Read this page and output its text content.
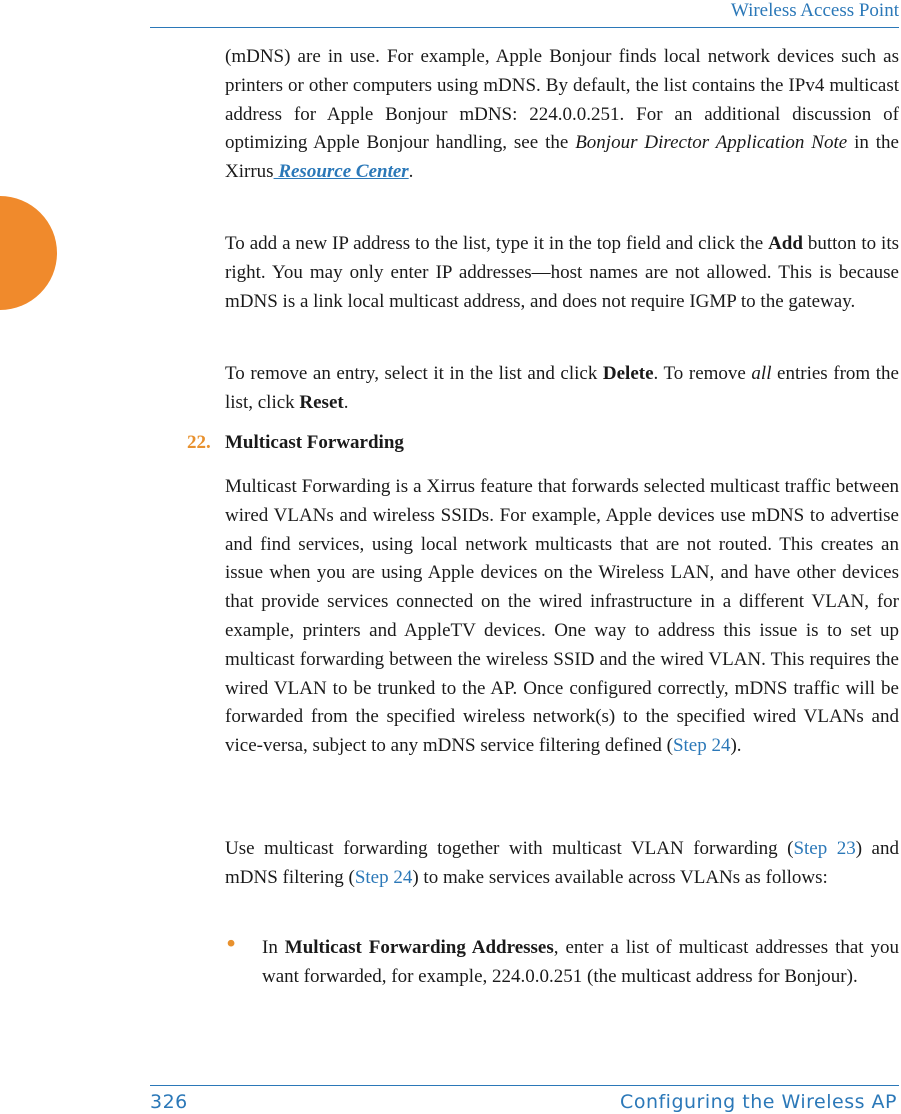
Wireless Access Point

(mDNS) are in use. For example, Apple Bonjour finds local network devices such as printers or other computers using mDNS. By default, the list contains the IPv4 multicast address for Apple Bonjour mDNS: 224.0.0.251. For an additional discussion of optimizing Apple Bonjour handling, see the Bonjour Director Application Note in the Xirrus Resource Center.

To add a new IP address to the list, type it in the top field and click the Add button to its right. You may only enter IP addresses—host names are not allowed. This is because mDNS is a link local multicast address, and does not require IGMP to the gateway.

To remove an entry, select it in the list and click Delete. To remove all entries from the list, click Reset.

22. Multicast Forwarding

Multicast Forwarding is a Xirrus feature that forwards selected multicast traffic between wired VLANs and wireless SSIDs. For example, Apple devices use mDNS to advertise and find services, using local network multicasts that are not routed. This creates an issue when you are using Apple devices on the Wireless LAN, and have other devices that provide services connected on the wired infrastructure in a different VLAN, for example, printers and AppleTV devices. One way to address this issue is to set up multicast forwarding between the wireless SSID and the wired VLAN. This requires the wired VLAN to be trunked to the AP. Once configured correctly, mDNS traffic will be forwarded from the specified wireless network(s) to the specified wired VLANs and vice-versa, subject to any mDNS service filtering defined (Step 24).

Use multicast forwarding together with multicast VLAN forwarding (Step 23) and mDNS filtering (Step 24) to make services available across VLANs as follows:

• In Multicast Forwarding Addresses, enter a list of multicast addresses that you want forwarded, for example, 224.0.0.251 (the multicast address for Bonjour).
326	Configuring the Wireless AP
